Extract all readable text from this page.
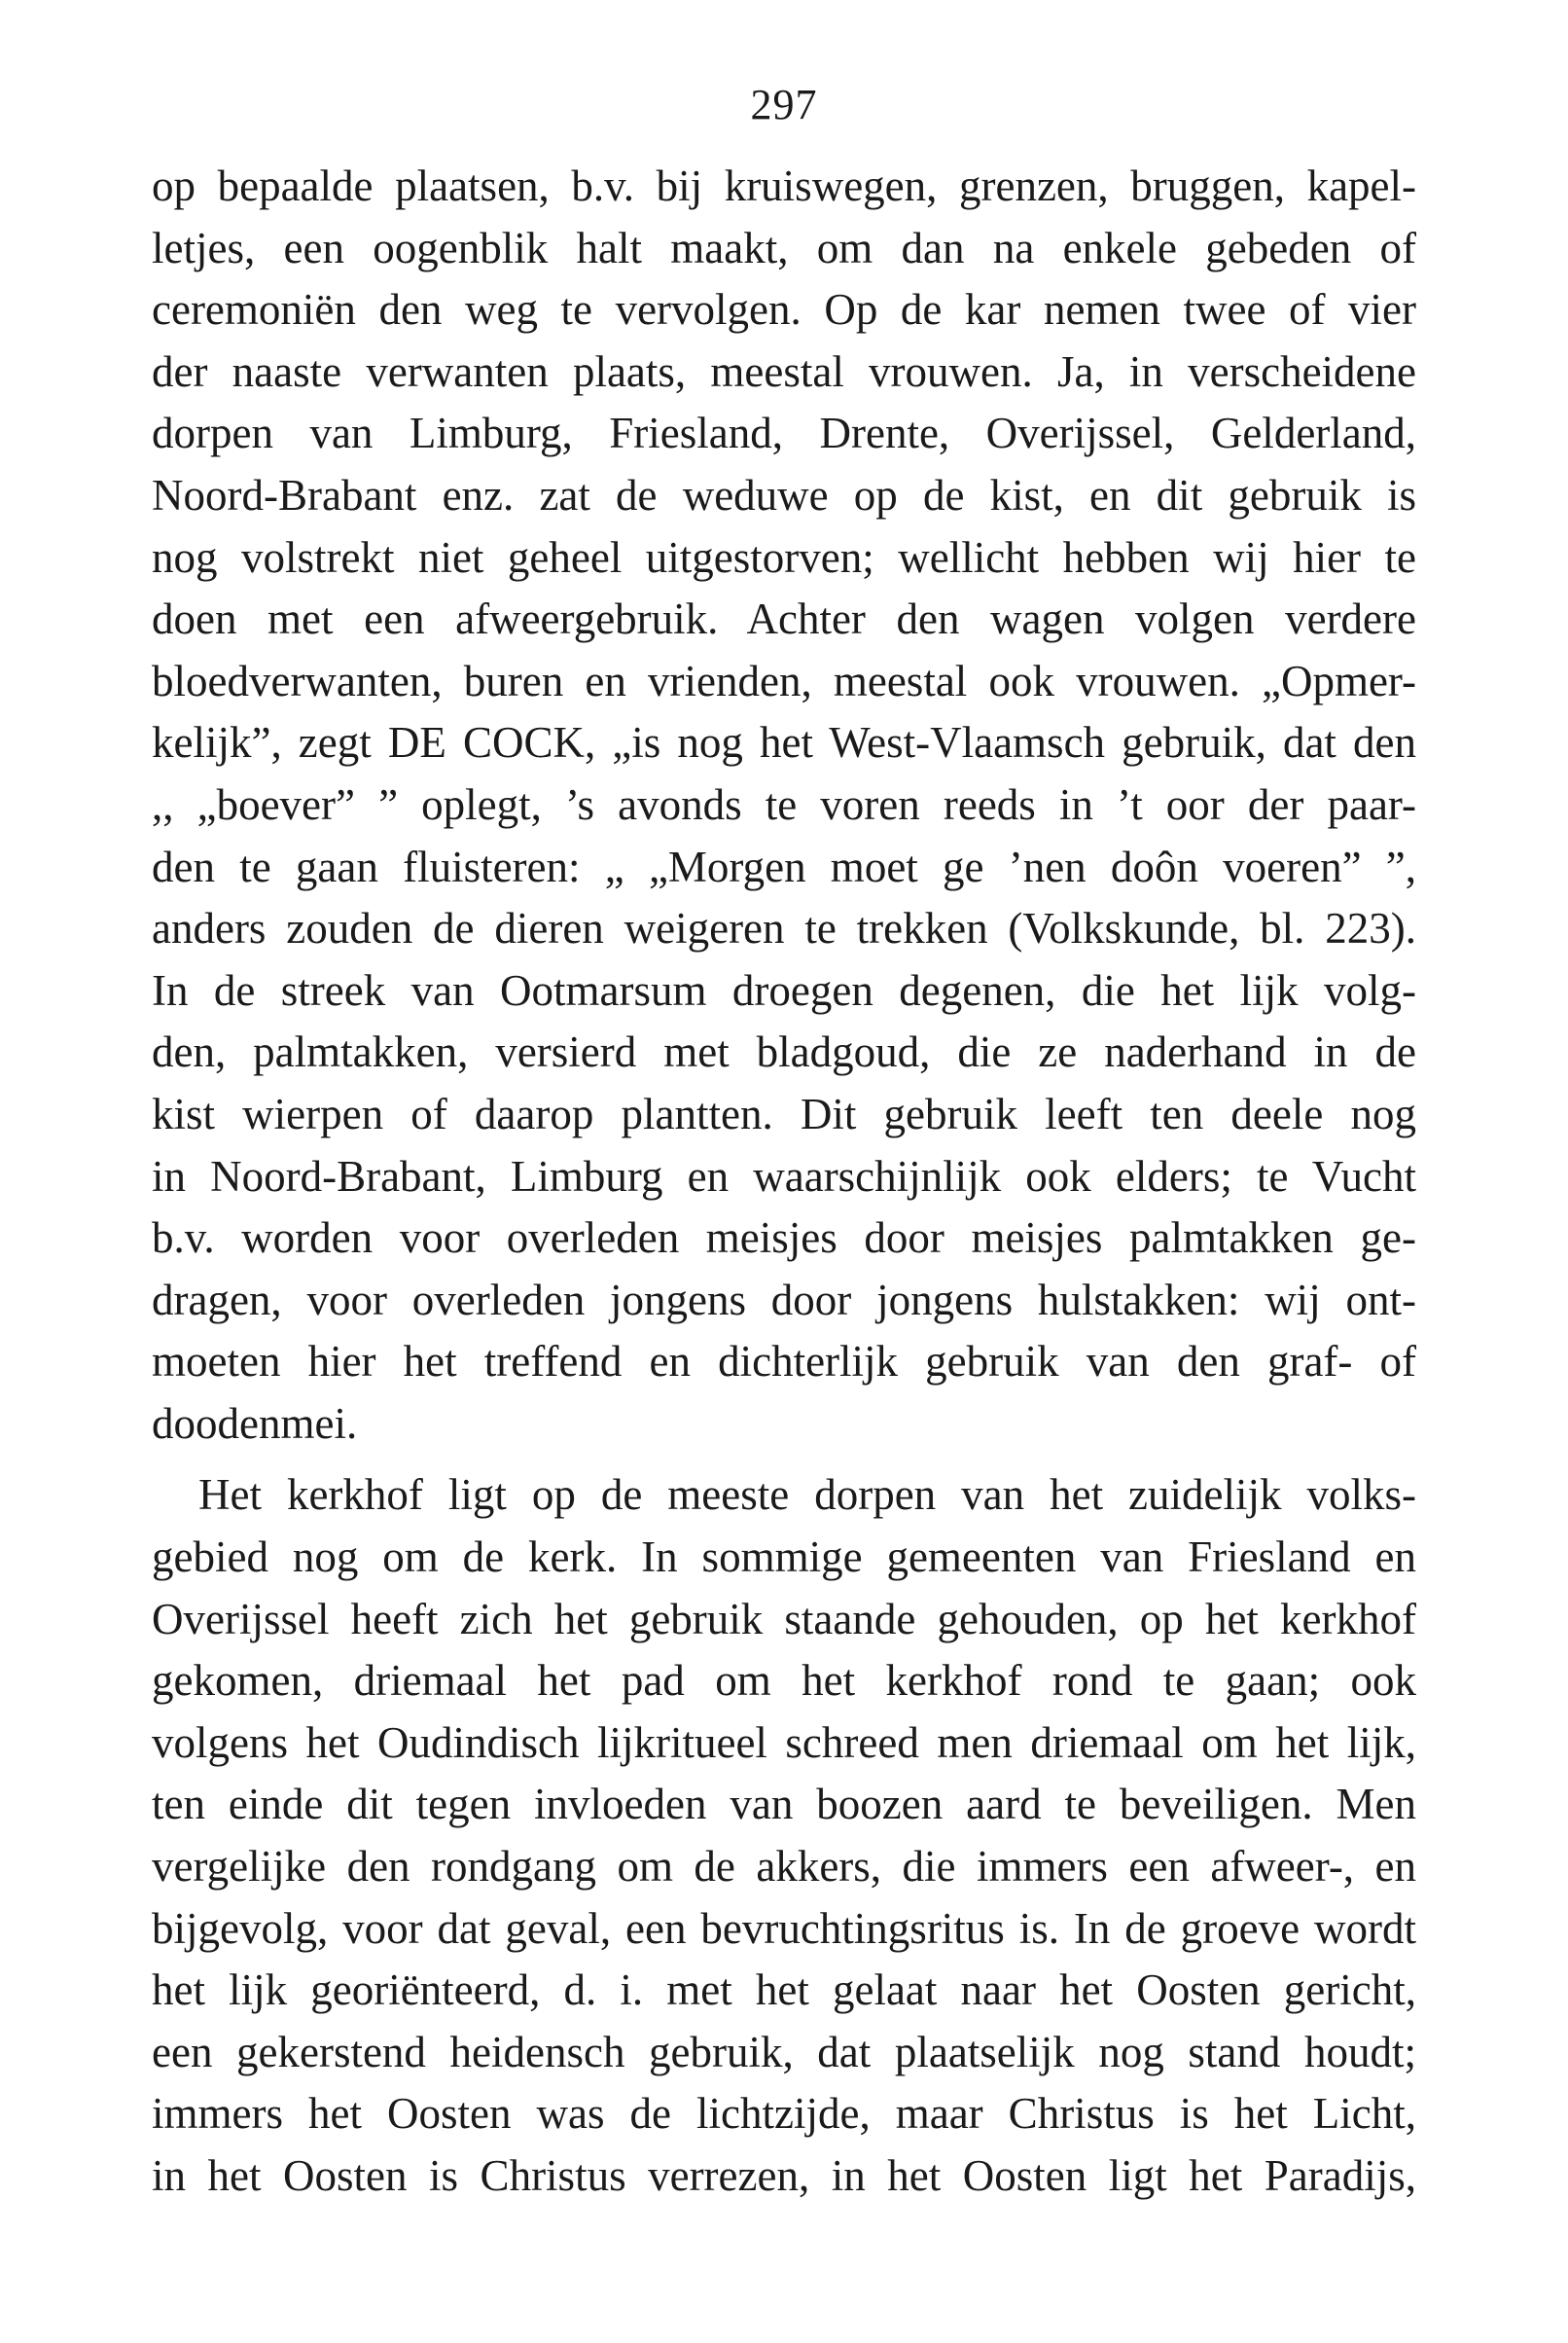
297
op bepaalde plaatsen, b.v. bij kruiswegen, grenzen, bruggen, kapel-
letjes, een oogenblik halt maakt, om dan na enkele gebeden of
ceremoniën den weg te vervolgen. Op de kar nemen twee of vier
der naaste verwanten plaats, meestal vrouwen. Ja, in verscheidene
dorpen van Limburg, Friesland, Drente, Overijssel, Gelderland,
Noord-Brabant enz. zat de weduwe op de kist, en dit gebruik is
nog volstrekt niet geheel uitgestorven; wellicht hebben wij hier te
doen met een afweergebruik. Achter den wagen volgen verdere
bloedverwanten, buren en vrienden, meestal ook vrouwen. „Opmer-
kelijk”, zegt DE COCK, „is nog het West-Vlaamsch gebruik, dat den
,, „boever” ” oplegt, ’s avonds te voren reeds in ’t oor der paar-
den te gaan fluisteren: „ „Morgen moet ge ’nen doôn voeren” ”,
anders zouden de dieren weigeren te trekken (Volkskunde, bl. 223).
In de streek van Ootmarsum droegen degenen, die het lijk volg-
den, palmtakken, versierd met bladgoud, die ze naderhand in de
kist wierpen of daarop plantten. Dit gebruik leeft ten deele nog
in Noord-Brabant, Limburg en waarschijnlijk ook elders; te Vucht
b.v. worden voor overleden meisjes door meisjes palmtakken ge-
dragen, voor overleden jongens door jongens hulstakken: wij ont-
moeten hier het treffend en dichterlijk gebruik van den graf- of
doodenmei.
Het kerkhof ligt op de meeste dorpen van het zuidelijk volks-
gebied nog om de kerk. In sommige gemeenten van Friesland en
Overijssel heeft zich het gebruik staande gehouden, op het kerkhof
gekomen, driemaal het pad om het kerkhof rond te gaan; ook
volgens het Oudindisch lijkritueel schreed men driemaal om het lijk,
ten einde dit tegen invloeden van boozen aard te beveiligen. Men
vergelijke den rondgang om de akkers, die immers een afweer-, en
bijgevolg, voor dat geval, een bevruchtingsritus is. In de groeve wordt
het lijk georiënteerd, d. i. met het gelaat naar het Oosten gericht,
een gekerstend heidensch gebruik, dat plaatselijk nog stand houdt;
immers het Oosten was de lichtzijde, maar Christus is het Licht,
in het Oosten is Christus verrezen, in het Oosten ligt het Paradijs,
